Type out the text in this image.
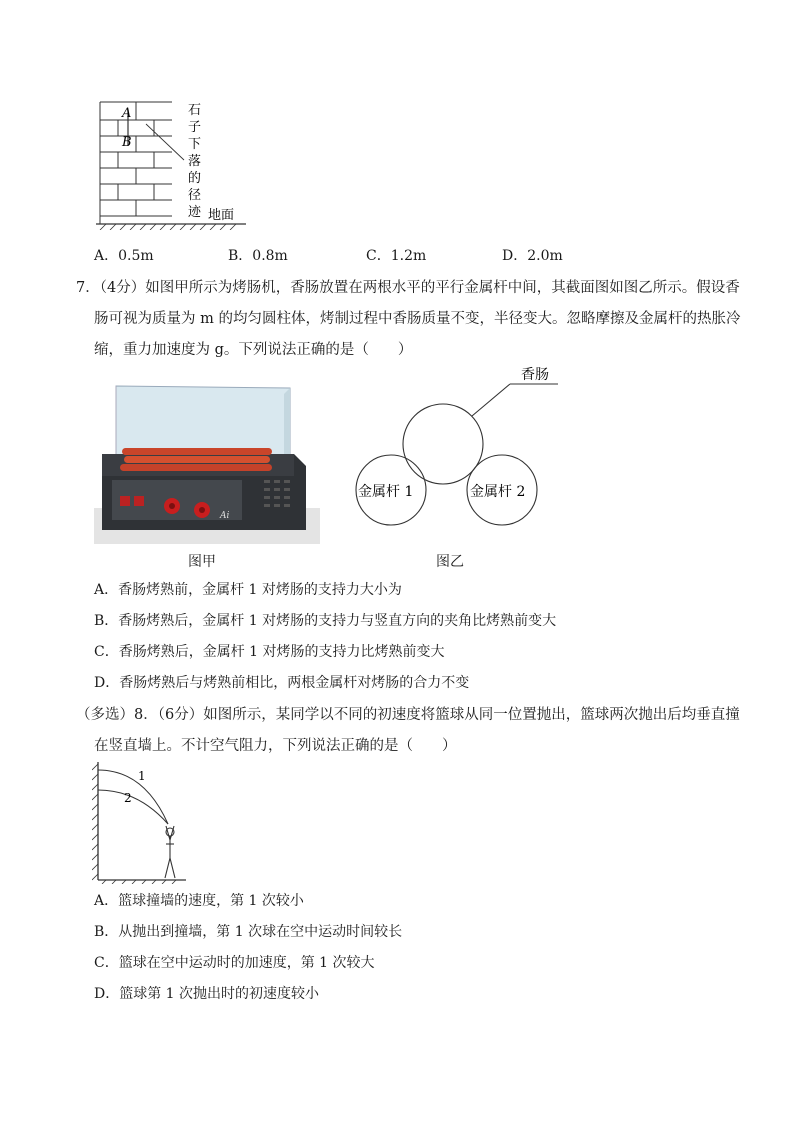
A
B
石
子
下
落
的
径
迹 地面
A．0.5m	B．0.8m	C．1.2m	D．2.0m
7．（4分）如图甲所示为烤肠机，香肠放置在两根水平的平行金属杆中间，其截面图如图乙所示。假设香
肠可视为质量为 m 的均匀圆柱体，烤制过程中香肠质量不变，半径变大。忽略摩擦及金属杆的热胀冷
缩，重力加速度为 g。下列说法正确的是（　　）
Ai
图甲
香肠
金属杆 1	金属杆 2
图乙
A．香肠烤熟前，金属杆 1 对烤肠的支持力大小为
B．香肠烤熟后，金属杆 1 对烤肠的支持力与竖直方向的夹角比烤熟前变大
C．香肠烤熟后，金属杆 1 对烤肠的支持力比烤熟前变大
D．香肠烤熟后与烤熟前相比，两根金属杆对烤肠的合力不变
（多选）8．（6分）如图所示，某同学以不同的初速度将篮球从同一位置抛出，篮球两次抛出后均垂直撞
在竖直墙上。不计空气阻力，下列说法正确的是（　　）
1
2
A．篮球撞墙的速度，第 1 次较小
B．从抛出到撞墙，第 1 次球在空中运动时间较长
C．篮球在空中运动时的加速度，第 1 次较大
D．篮球第 1 次抛出时的初速度较小
